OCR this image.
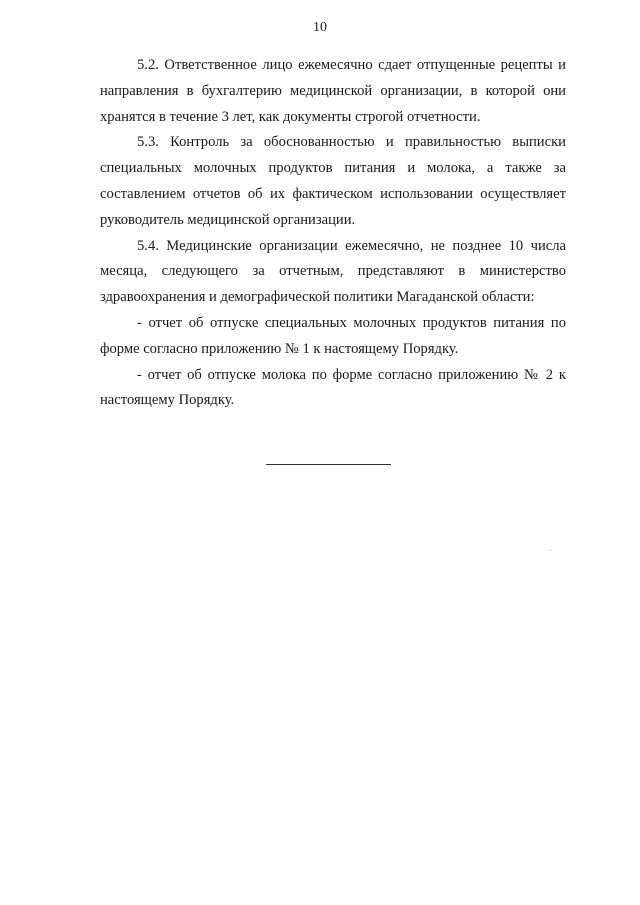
10

5.2. Ответственное лицо ежемесячно сдает отпущенные рецепты и направления в бухгалтерию медицинской организации, в которой они хранятся в течение 3 лет, как документы строгой отчетности.

5.3. Контроль за обоснованностью и правильностью выписки специальных молочных продуктов питания и молока, а также за составлением отчетов об их фактическом использовании осуществляет руководитель медицинской организации.

5.4. Медицинские организации ежемесячно, не позднее 10 числа месяца, следующего за отчетным, представляют в министерство здравоохранения и демографической политики Магаданской области:

- отчет об отпуске специальных молочных продуктов питания по форме согласно приложению № 1 к настоящему Порядку.

- отчет об отпуске молока по форме согласно приложению № 2 к настоящему Порядку.
